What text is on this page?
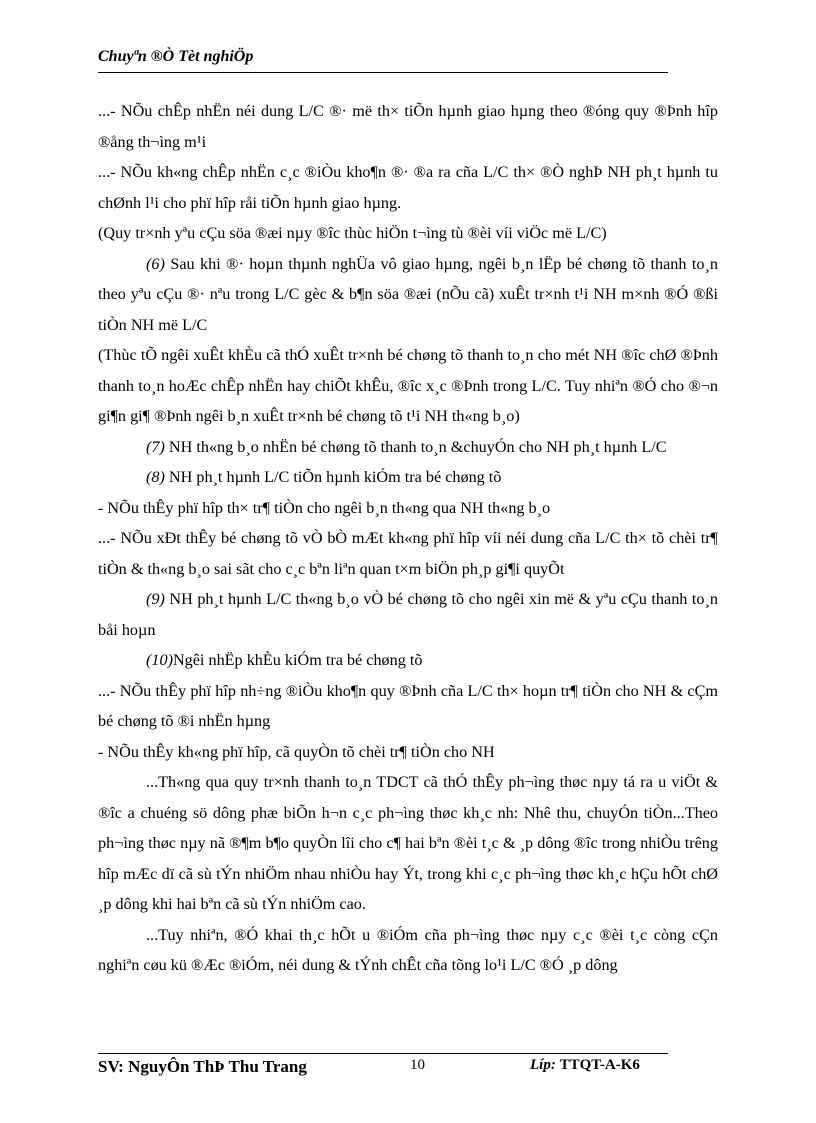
Chuyªn ®Ò Tèt nghiÖp

...- NÕu chÊp nhËn néi dung L/C ®· më th× tiÕn hµnh giao hµng theo ®óng quy ®Þnh hîp ®ång th¬ìng m¹i

...- NÕu kh«ng chÊp nhËn c¸c ®iÒu kho¶n ®· ®a ra cña L/C th× ®Ò nghÞ NH ph¸t hµnh tu chØnh l¹i cho phï hîp råi tiÕn hµnh giao hµng.

(Quy tr×nh yªu cÇu söa ®æi nµy ®îc thùc hiÖn t¬ìng tù ®èi víi viÖc më L/C)

(6) Sau khi ®· hoµn thµnh nghÜa vô giao hµng, ngêi b¸n lËp bé chøng tõ thanh to¸n theo yªu cÇu ®· nªu trong L/C gèc & b¶n söa ®æi (nÕu cã) xuÊt tr×nh t¹i NH m×nh ®Ó ®ßi tiÒn NH më L/C

(Thùc tÕ ngêi xuÊt khÈu cã thÓ xuÊt tr×nh bé chøng tõ thanh to¸n cho mét NH ®îc chØ ®Þnh thanh to¸n hoÆc chÊp nhËn hay chiÕt khÊu, ®îc x¸c ®Þnh trong L/C. Tuy nhiªn ®Ó cho ®¬n gi¶n gi¶ ®Þnh ngêi b¸n xuÊt tr×nh bé chøng tõ t¹i NH th«ng b¸o)

(7) NH th«ng b¸o nhËn bé chøng tõ thanh to¸n &chuyÓn cho NH ph¸t hµnh L/C

(8) NH ph¸t hµnh L/C tiÕn hµnh kiÓm tra bé chøng tõ

- NÕu thÊy phï hîp th× tr¶ tiÒn cho ngêi b¸n th«ng qua NH th«ng b¸o

...- NÕu xÐt thÊy bé chøng tõ vÒ bÒ mÆt kh«ng phï hîp víi néi dung cña L/C th× tõ chèi tr¶ tiÒn & th«ng b¸o sai sãt cho c¸c bªn liªn quan t×m biÖn ph¸p gi¶i quyÕt

(9) NH ph¸t hµnh L/C th«ng b¸o vÒ bé chøng tõ cho ngêi xin më & yªu cÇu thanh to¸n båi hoµn

(10)Ngêi nhËp khÈu kiÓm tra bé chøng tõ

...- NÕu thÊy phï hîp nh÷ng ®iÒu kho¶n quy ®Þnh cña L/C th× hoµn tr¶ tiÒn cho NH & cÇm bé chøng tõ ®i nhËn hµng

- NÕu thÊy kh«ng phï hîp, cã quyÒn tõ chèi tr¶ tiÒn cho NH

...Th«ng qua quy tr×nh thanh to¸n TDCT cã thÓ thÊy ph¬ìng thøc nµy tá ra u viÖt & ®îc a chuéng sö dông phæ biÕn h¬n c¸c ph¬ìng thøc kh¸c nh: Nhê thu, chuyÓn tiÒn...Theo ph¬ìng thøc nµy nã ®¶m b¶o quyÒn lîi cho c¶ hai bªn ®èi t¸c & ¸p dông ®îc trong nhiÒu trêng hîp mÆc dï cã sù tÝn nhiÖm nhau nhiÒu hay Ýt, trong khi c¸c ph¬ìng thøc kh¸c hÇu hÕt chØ ¸p dông khi hai bªn cã sù tÝn nhiÖm cao.

...Tuy nhiªn, ®Ó khai th¸c hÕt u ®iÓm cña ph¬ìng thøc nµy c¸c ®èi t¸c còng cÇn nghiªn cøu kü ®Æc ®iÓm, néi dung & tÝnh chÊt cña tõng lo¹i L/C ®Ó ¸p dông

SV: NguyÔn ThÞ Thu Trang	10	Líp: TTQT-A-K6
